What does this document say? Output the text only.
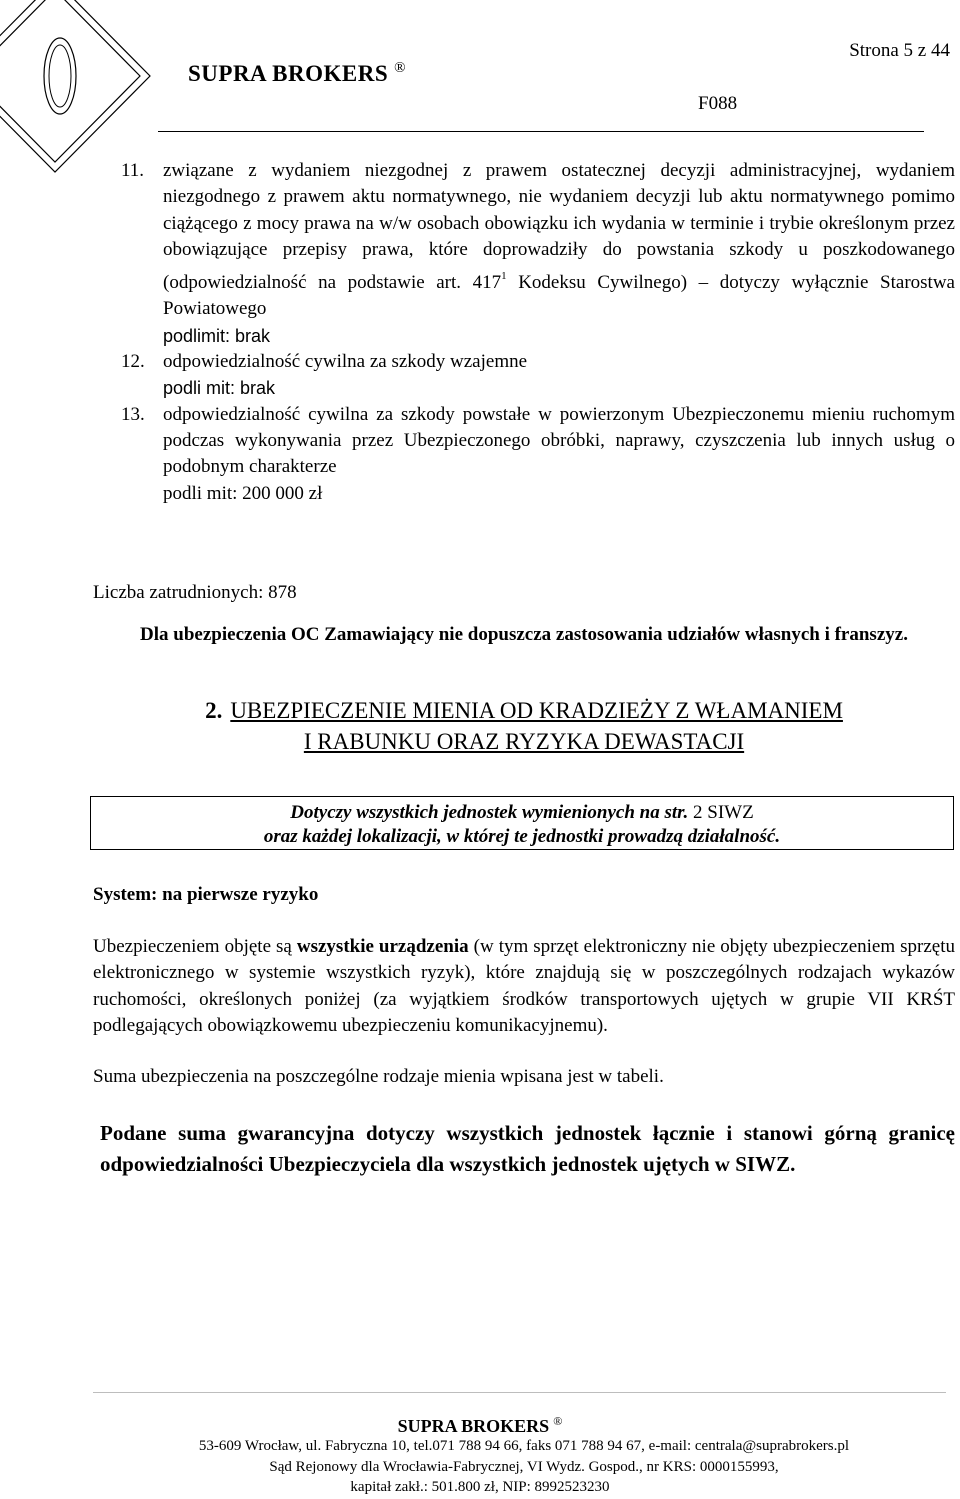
SUPRA BROKERS ®
Strona 5 z 44
F088
11. związane z wydaniem niezgodnej z prawem ostatecznej decyzji administracyjnej, wydaniem niezgodnego z prawem aktu normatywnego, nie wydaniem decyzji lub aktu normatywnego pomimo ciążącego z mocy prawa na w/w osobach obowiązku ich wydania w terminie i trybie określonym przez obowiązujące przepisy prawa, które doprowadziły do powstania szkody u poszkodowanego (odpowiedzialność na podstawie art. $417^1$ Kodeksu Cywilnego) – dotyczy wyłącznie Starostwa Powiatowego
podlimit: brak
12. odpowiedzialność cywilna za szkody wzajemne
podli mit: brak
13. odpowiedzialność cywilna za szkody powstałe w powierzonym Ubezpieczonemu mieniu ruchomym podczas wykonywania przez Ubezpieczonego obróbki, naprawy, czyszczenia lub innych usług o podobnym charakterze
podli mit: 200 000 zł
Liczba zatrudnionych: 878
Dla ubezpieczenia OC Zamawiający nie dopuszcza zastosowania udziałów własnych i franszyz.
2. UBEZPIECZENIE MIENIA OD KRADZIEŻY Z WŁAMANIEM
I RABUNKU ORAZ RYZYKA DEWASTACJI
Dotyczy wszystkich jednostek wymienionych na str. 2 SIWZ
oraz każdej lokalizacji, w której te jednostki prowadzą działalność.
System: na pierwsze ryzyko
Ubezpieczeniem objęte są wszystkie urządzenia (w tym sprzęt elektroniczny nie objęty ubezpieczeniem sprzętu elektronicznego w systemie wszystkich ryzyk), które znajdują się w poszczególnych rodzajach wykazów ruchomości, określonych poniżej (za wyjątkiem środków transportowych ujętych w grupie VII KRŚT podlegających obowiązkowemu ubezpieczeniu komunikacyjnemu).
Suma ubezpieczenia na poszczególne rodzaje mienia wpisana jest w tabeli.
Podane suma gwarancyjna dotyczy wszystkich jednostek łącznie i stanowi górną granicę odpowiedzialności Ubezpieczyciela dla wszystkich jednostek ujętych w SIWZ.
SUPRA BROKERS ®
53-609 Wrocław, ul. Fabryczna 10, tel.071 788 94 66, faks 071 788 94 67, e-mail: centrala@suprabrokers.pl
Sąd Rejonowy dla Wrocławia-Fabrycznej, VI Wydz. Gospod., nr KRS: 0000155993,
kapitał zakł.: 501.800 zł, NIP: 8992523230
